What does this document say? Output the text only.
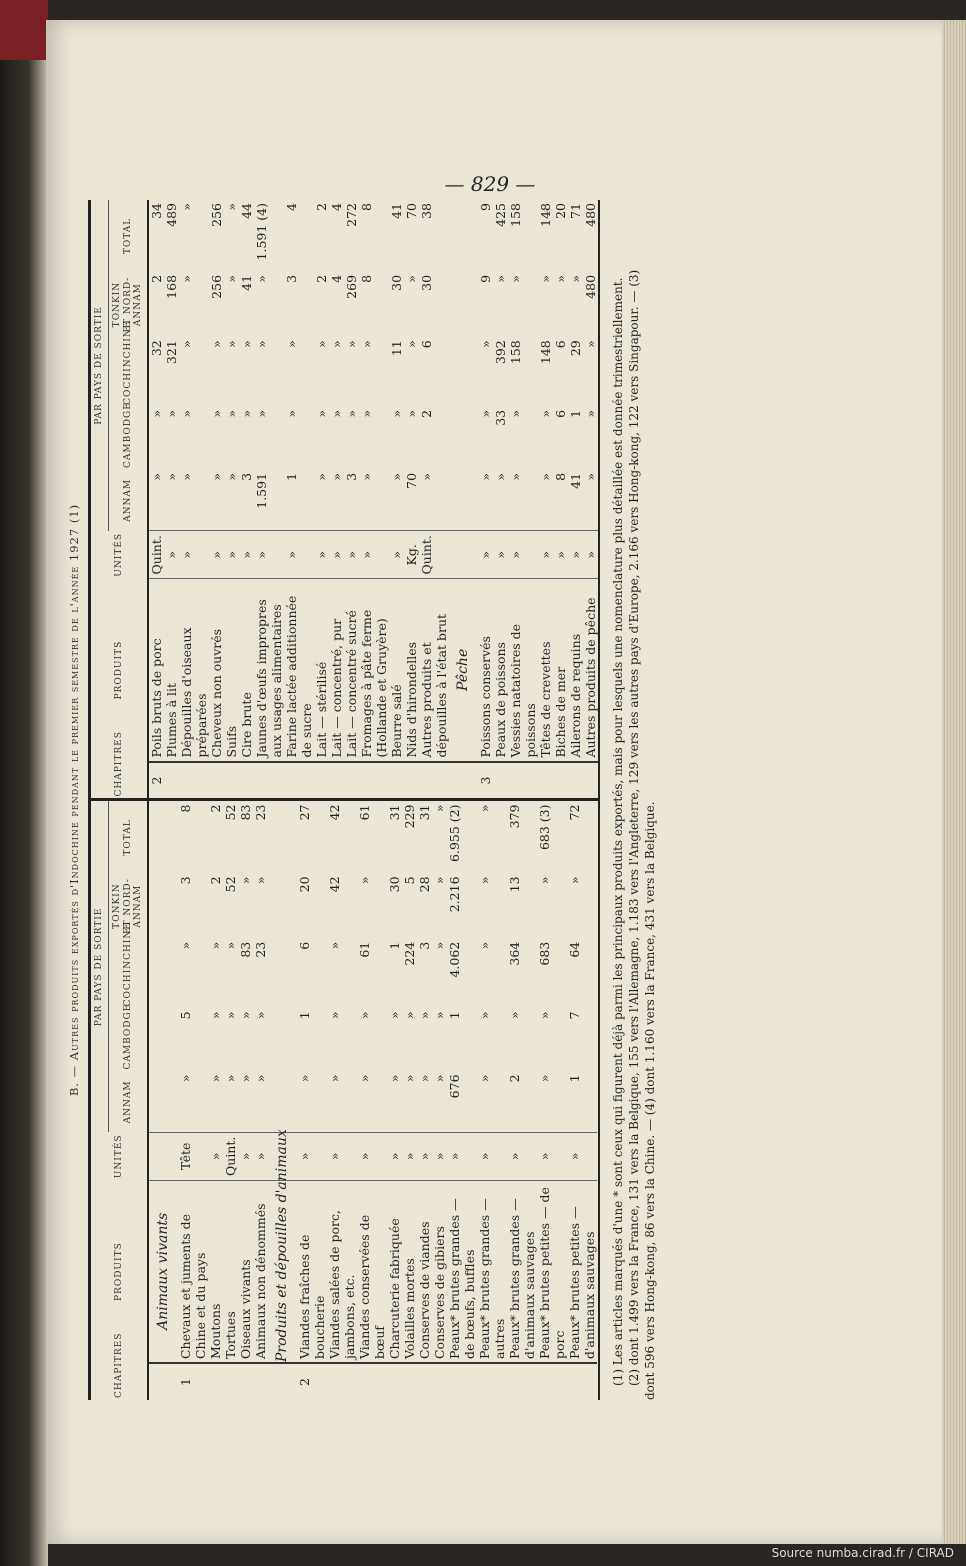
— 829 —
B. — Autres produits exportés d'Indochine pendant le premier semestre de l'année 1927 (1)
CHAPITRES	PRODUITS	UNITÉS	PAR PAYS DE SORTIE				
			ANNAM	CAMBODGE	COCHINCHINE	TONKIN ET NORD-ANNAM	TOTAL
	Animaux vivants						
1	Chevaux et juments de Chine et du pays	Tête	»	5	»	3	8
	Moutons	»	»	»	»	2	2
	Tortues	Quint.	»	»	»	52	52
	Oiseaux vivants	»	»	»	83	»	83
	Animaux non dénommés	»	»	»	23	»	23
	Produits et dépouilles d'animaux						
2	Viandes fraîches de boucherie	»	»	1	6	20	27
	Viandes salées de porc, jambons, etc.	»	»	»	»	42	42
	Viandes conservées de bœuf	»	»	»	61	»	61
	Charcuterie fabriquée	»	»	»	1	30	31
	Volailles mortes	»	»	»	224	5	229
	Conserves de viandes	»	»	»	3	28	31
	Conserves de gibiers	»	»	»	»	»	»
	Peaux* brutes grandes — de bœufs, buffles	»	676	1	4.062	2.216	6.955 (2)
	Peaux* brutes grandes — autres	»	»	»	»	»	»
	Peaux* brutes grandes — d'animaux sauvages	»	2	»	364	13	379
	Peaux* brutes petites — de porc	»	»	»	683	»	683 (3)
	Peaux* brutes petites — d'animaux sauvages	»	1	7	64	»	72
CHAPITRES	PRODUITS	UNITÉS	PAR PAYS DE SORTIE				
			ANNAM	CAMBODGE	COCHINCHINE	TONKIN ET NORD-ANNAM	TOTAL
2	Poils bruts de porc	Quint.	»	»	32	2	34
	Plumes à lit	»	»	»	321	168	489
	Dépouilles d'oiseaux préparées	»	»	»	»	»	»
	Cheveux non ouvrés	»	»	»	»	256	256
	Suifs	»	»	»	»	»	»
	Cire brute	»	3	»	»	41	44
	Jaunes d'œufs impropres aux usages alimentaires	»	1.591	»	»	»	1.591 (4)
	Farine lactée additionnée de sucre	»	1	»	»	3	4
	Lait — stérilisé	»	»	»	»	2	2
	Lait — concentré, pur	»	»	»	»	4	4
	Lait — concentré sucré	»	3	»	»	269	272
	Fromages à pâte ferme (Hollande et Gruyère)	»	»	»	»	8	8
	Beurre salé	»	»	»	11	30	41
	Nids d'hirondelles	Kg.	70	»	»	»	70
	Autres produits et dépouilles à l'état brut	Quint.	»	2	6	30	38
	Pêche						
3	Poissons conservés	»	»	»	»	9	9
	Peaux de poissons	»	»	33	392	»	425
	Vessies natatoires de poissons	»	»	»	158	»	158
	Têtes de crevettes	»	»	»	148	»	148
	Biches de mer	»	8	6	6	»	20
	Ailerons de requins	»	41	1	29	»	71
	Autres produits de pêche	»	»	»	»	480	480

(1) Les articles marqués d'une * sont ceux qui figurent déjà parmi les principaux produits exportés, mais pour lesquels une nomenclature plus détaillée est donnée trimestriellement. (2) dont 1.499 vers la France, 131 vers la Belgique, 155 vers l'Allemagne, 1.183 vers l'Angleterre, 129 vers les autres pays d'Europe, 2.166 vers Hong-kong, 122 vers Singapour. — (3) dont 596 vers Hong-kong, 86 vers la Chine. — (4) dont 1.160 vers la France, 431 vers la Belgique.

Source numba.cirad.fr / CIRAD
